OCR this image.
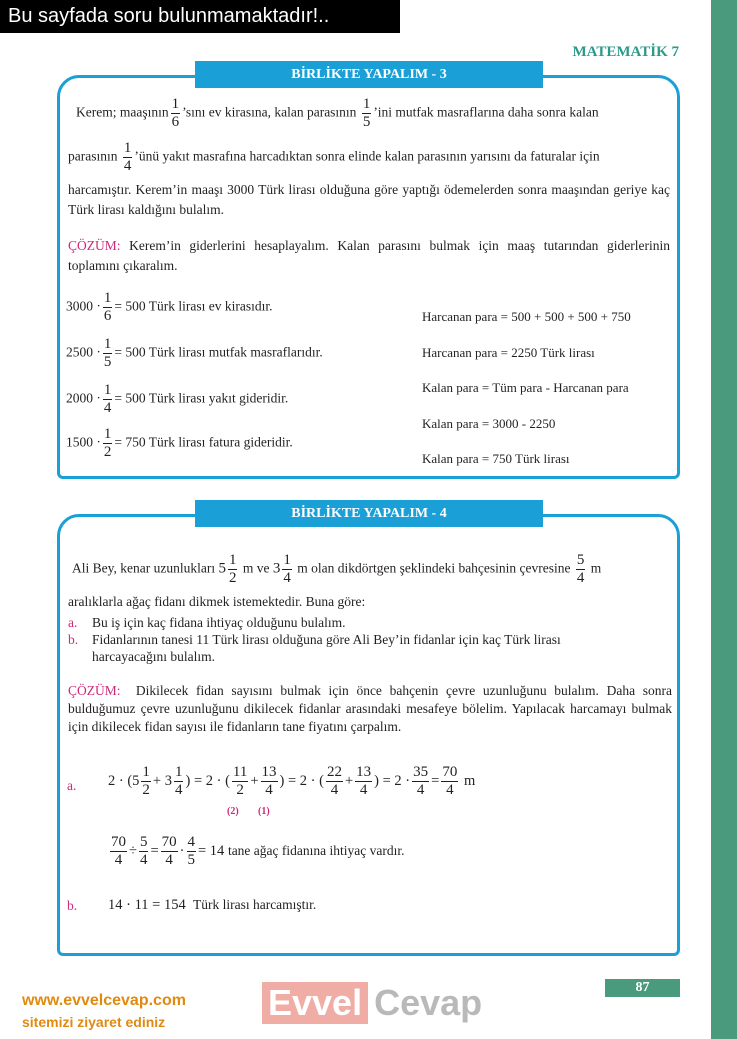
Bu sayfada soru bulunmamaktadır!..
MATEMATİK 7
BİRLİKTE YAPALIM - 3

Kerem; maaşının $\frac{1}{6}$ ’sını ev kirasına, kalan parasının $\frac{1}{5}$ ’ini mutfak masraflarına daha sonra kalan

parasının $\frac{1}{4}$ ’ünü yakıt masrafına harcadıktan sonra elinde kalan parasının yarısını da faturalar için

harcamıştır. Kerem’in maaşı 3000 Türk lirası olduğuna göre yaptığı ödemelerden sonra maaşından geriye kaç Türk lirası kaldığını bulalım.

ÇÖZÜM: Kerem’in giderlerini hesaplayalım. Kalan parasını bulmak için maaş tutarından giderlerinin toplamını çıkaralım.

$3000 \cdot \frac{1}{6} = 500$ Türk lirası ev kirasıdır.
$2500 \cdot \frac{1}{5} = 500$ Türk lirası mutfak masraflarıdır.
$2000 \cdot \frac{1}{4} = 500$ Türk lirası yakıt gideridir.
$1500 \cdot \frac{1}{2} = 750$ Türk lirası fatura gideridir.
Harcanan para = 500 + 500 + 500 + 750
Harcanan para = 2250 Türk lirası
Kalan para = Tüm para - Harcanan para
Kalan para = 3000 - 2250
Kalan para = 750 Türk lirası
BİRLİKTE YAPALIM - 4

Ali Bey, kenar uzunlukları $5 \frac{1}{2}$ m ve $3 \frac{1}{4}$ m olan dikdörtgen şeklindeki bahçesinin çevresine $\frac{5}{4}$ m

aralıklarla ağaç fidanı dikmek istemektedir. Buna göre:

a.	Bu iş için kaç fidana ihtiyaç olduğunu bulalım.
b.	Fidanlarının tanesi 11 Türk lirası olduğuna göre Ali Bey’in fidanlar için kaç Türk lirası harcayacağını bulalım.

ÇÖZÜM: Dikilecek fidan sayısını bulmak için önce bahçenin çevre uzunluğunu bulalım. Daha sonra bulduğumuz çevre uzunluğunu dikilecek fidanlar arasındaki mesafeye bölelim. Yapılacak harcamayı bulmak için dikilecek fidan sayısı ile fidanların tane fiyatını çarpalım.

a. $2 \cdot (5 \frac{1}{2} + 3 \frac{1}{4}$ ) = 2 · ( $\frac{11}{2} + \frac{13}{4}$ ) = 2 · ( $\frac{22}{4} + \frac{13}{4}$ ) = $2 \cdot \frac{35}{4} = \frac{70}{4}$ m
(2) (1)
$\frac{70}{4} \div \frac{5}{4} = \frac{70}{4} \cdot \frac{4}{5} = 14$ tane ağaç fidanına ihtiyaç vardır.
b. 14 · 11 = 154 Türk lirası harcamıştır.
www.evvelcevap.com
sitemizi ziyaret ediniz
87
Evvel Cevap
